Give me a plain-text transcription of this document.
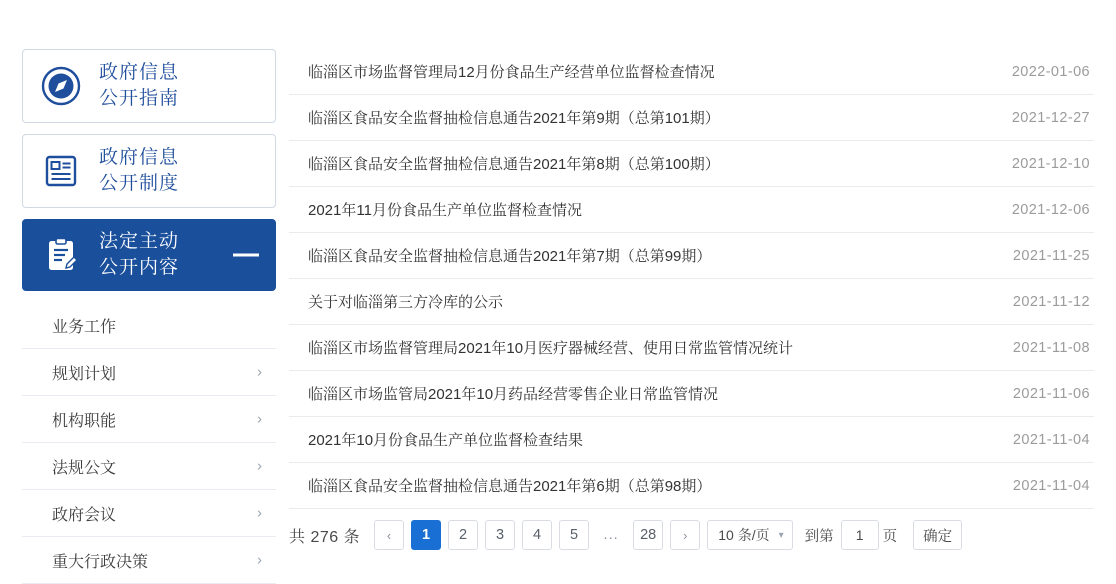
政府信息
公开指南
政府信息
公开制度
法定主动
公开内容
业务工作
规划计划	›
机构职能	›
法规公文	›
政府会议	›
重大行政决策	›
临淄区市场监督管理局12月份食品生产经营单位监督检查情况	2022-01-06
临淄区食品安全监督抽检信息通告2021年第9期（总第101期）	2021-12-27
临淄区食品安全监督抽检信息通告2021年第8期（总第100期）	2021-12-10
2021年11月份食品生产单位监督检查情况	2021-12-06
临淄区食品安全监督抽检信息通告2021年第7期（总第99期）	2021-11-25
关于对临淄第三方冷库的公示	2021-11-12
临淄区市场监督管理局2021年10月医疗器械经营、使用日常监管情况统计	2021-11-08
临淄区市场监管局2021年10月药品经营零售企业日常监管情况	2021-11-06
2021年10月份食品生产单位监督检查结果	2021-11-04
临淄区食品安全监督抽检信息通告2021年第6期（总第98期）	2021-11-04
共 276 条	‹	1	2	3	4	5	...	28	›	10 条/页 ▾ 到第
1	页	确定
